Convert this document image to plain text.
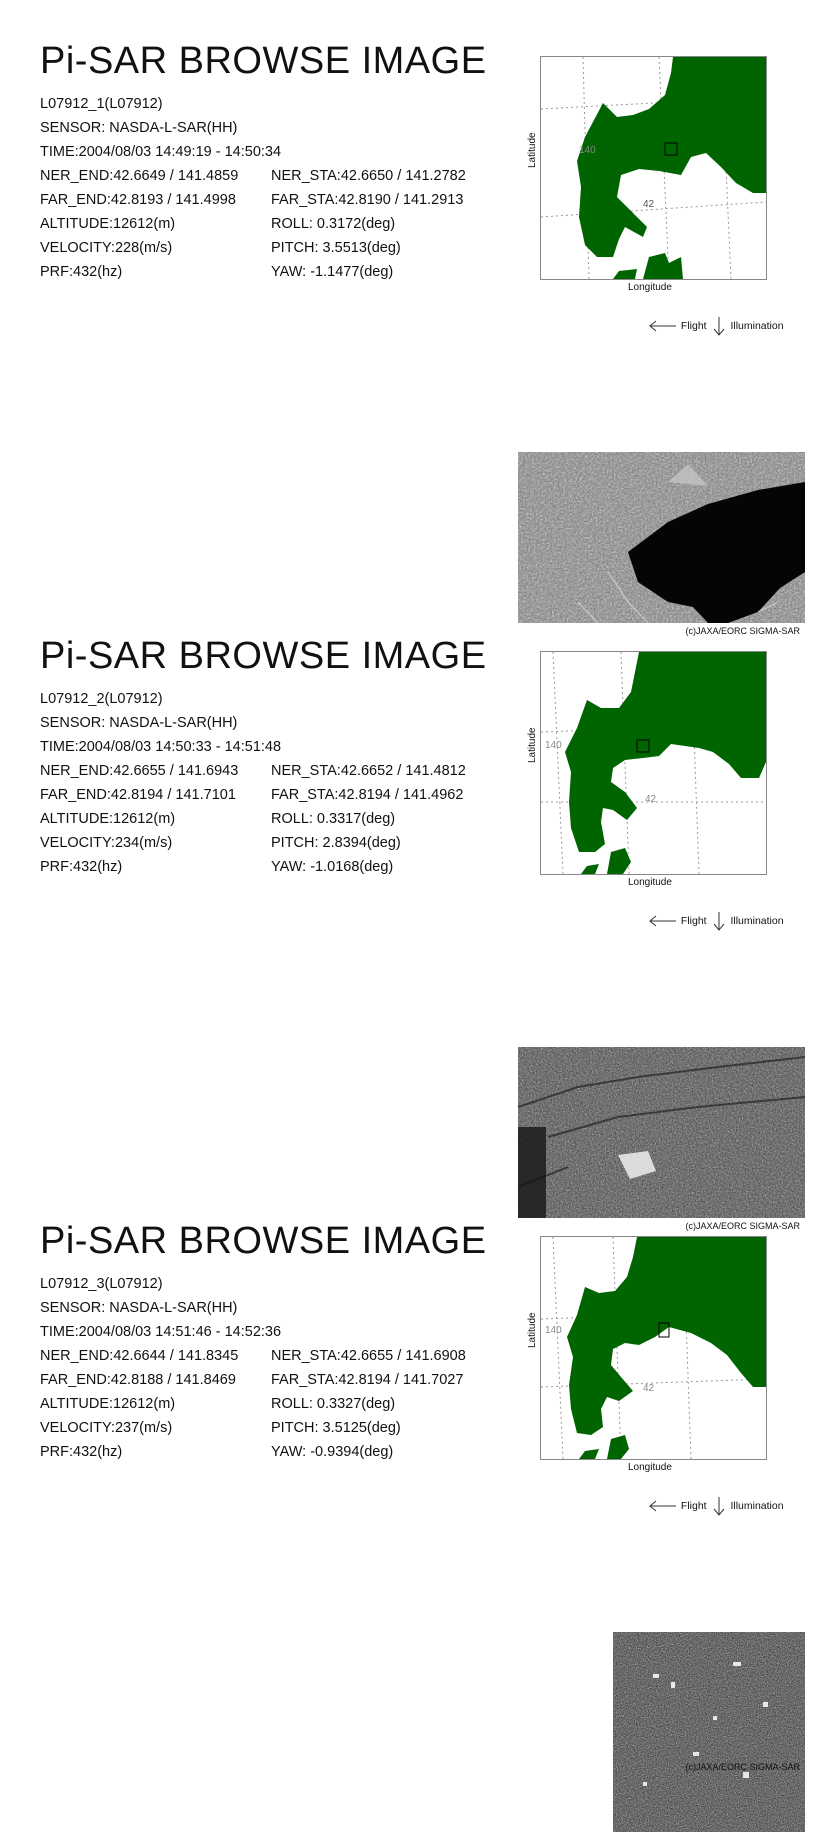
Pi-SAR BROWSE IMAGE
L07912_1(L07912)
SENSOR: NASDA-L-SAR(HH)
TIME:2004/08/03 14:49:19 - 14:50:34
NER_END:42.6649 / 141.4859 NER_STA:42.6650 / 141.2782
FAR_END:42.8193 / 141.4998 FAR_STA:42.8190 / 141.2913
ALTITUDE:12612(m)	ROLL: 0.3172(deg)
VELOCITY:228(m/s)	PITCH: 3.5513(deg)
PRF:432(hz)	YAW: -1.1477(deg)
140
42
Latitude
Longitude
Flight Illumination
(c)JAXA/EORC SIGMA-SAR
Pi-SAR BROWSE IMAGE
L07912_2(L07912)
SENSOR: NASDA-L-SAR(HH)
TIME:2004/08/03 14:50:33 - 14:51:48
NER_END:42.6655 / 141.6943 NER_STA:42.6652 / 141.4812
FAR_END:42.8194 / 141.7101 FAR_STA:42.8194 / 141.4962
ALTITUDE:12612(m)	ROLL: 0.3317(deg)
VELOCITY:234(m/s)	PITCH: 2.8394(deg)
PRF:432(hz)	YAW: -1.0168(deg)
140
42
Latitude
Longitude
Flight Illumination
(c)JAXA/EORC SIGMA-SAR
Pi-SAR BROWSE IMAGE
L07912_3(L07912)
SENSOR: NASDA-L-SAR(HH)
TIME:2004/08/03 14:51:46 - 14:52:36
NER_END:42.6644 / 141.8345 NER_STA:42.6655 / 141.6908
FAR_END:42.8188 / 141.8469 FAR_STA:42.8194 / 141.7027
ALTITUDE:12612(m)	ROLL: 0.3327(deg)
VELOCITY:237(m/s)	PITCH: 3.5125(deg)
PRF:432(hz)	YAW: -0.9394(deg)
140
42
Latitude
Longitude
Flight Illumination
(c)JAXA/EORC SIGMA-SAR
